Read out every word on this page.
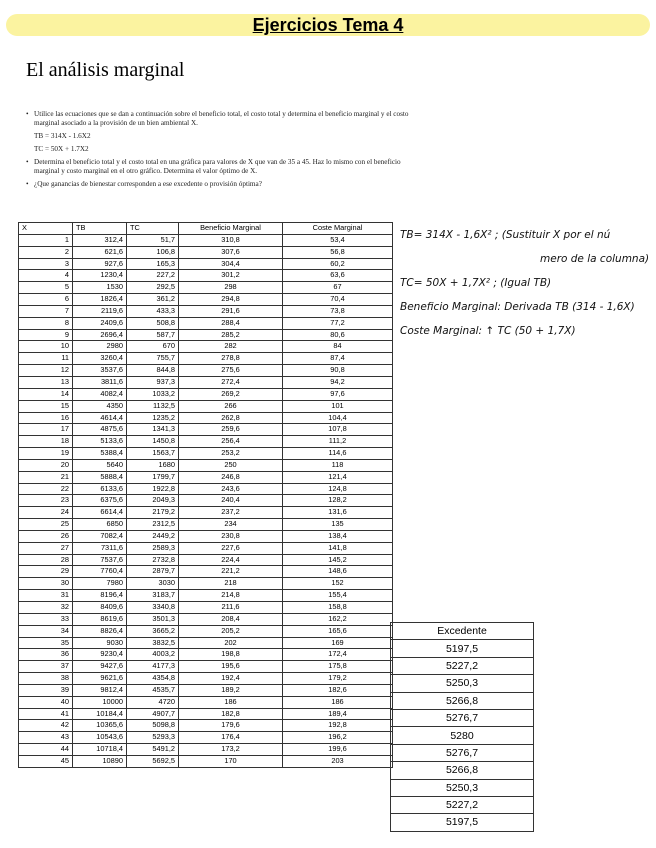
Ejercicios Tema 4
El análisis marginal
• Utilice las ecuaciones que se dan a continuación sobre el beneficio total, el costo total y determina el beneficio marginal y el costo marginal asociado a la provisión de un bien ambiental X.
TB = 314X - 1.6X2
TC = 50X + 1.7X2
• Determina el beneficio total y el costo total en una gráfica para valores de X que van de 35 a 45. Haz lo mismo con el beneficio marginal y costo marginal en el otro gráfico. Determina el valor óptimo de X.
• ¿Que ganancias de bienestar corresponden a ese excedente o provisión óptima?
X	TB	TC	Beneficio Marginal	Coste Marginal
1	312,4	51,7	310,8	53,4
2	621,6	106,8	307,6	56,8
3	927,6	165,3	304,4	60,2
4	1230,4	227,2	301,2	63,6
5	1530	292,5	298	67
6	1826,4	361,2	294,8	70,4
7	2119,6	433,3	291,6	73,8
8	2409,6	508,8	288,4	77,2
9	2696,4	587,7	285,2	80,6
10	2980	670	282	84
11	3260,4	755,7	278,8	87,4
12	3537,6	844,8	275,6	90,8
13	3811,6	937,3	272,4	94,2
14	4082,4	1033,2	269,2	97,6
15	4350	1132,5	266	101
16	4614,4	1235,2	262,8	104,4
17	4875,6	1341,3	259,6	107,8
18	5133,6	1450,8	256,4	111,2
19	5388,4	1563,7	253,2	114,6
20	5640	1680	250	118
21	5888,4	1799,7	246,8	121,4
22	6133,6	1922,8	243,6	124,8
23	6375,6	2049,3	240,4	128,2
24	6614,4	2179,2	237,2	131,6
25	6850	2312,5	234	135
26	7082,4	2449,2	230,8	138,4
27	7311,6	2589,3	227,6	141,8
28	7537,6	2732,8	224,4	145,2
29	7760,4	2879,7	221,2	148,6
30	7980	3030	218	152
31	8196,4	3183,7	214,8	155,4
32	8409,6	3340,8	211,6	158,8
33	8619,6	3501,3	208,4	162,2
34	8826,4	3665,2	205,2	165,6
35	9030	3832,5	202	169
36	9230,4	4003,2	198,8	172,4
37	9427,6	4177,3	195,6	175,8
38	9621,6	4354,8	192,4	179,2
39	9812,4	4535,7	189,2	182,6
40	10000	4720	186	186
41	10184,4	4907,7	182,8	189,4
42	10365,6	5098,8	179,6	192,8
43	10543,6	5293,3	176,4	196,2
44	10718,4	5491,2	173,2	199,6
45	10890	5692,5	170	203
Excedente
5197,5
5227,2
5250,3
5266,8
5276,7
5280
5276,7
5266,8
5250,3
5227,2
5197,5
TB= 314X - 1,6X² ; (Sustituir X por el nú
mero de la columna)
TC= 50X + 1,7X² ; (Igual TB)
Beneficio Marginal: Derivada TB (314 - 1,6X)
Coste Marginal: ↑ TC (50 + 1,7X)
